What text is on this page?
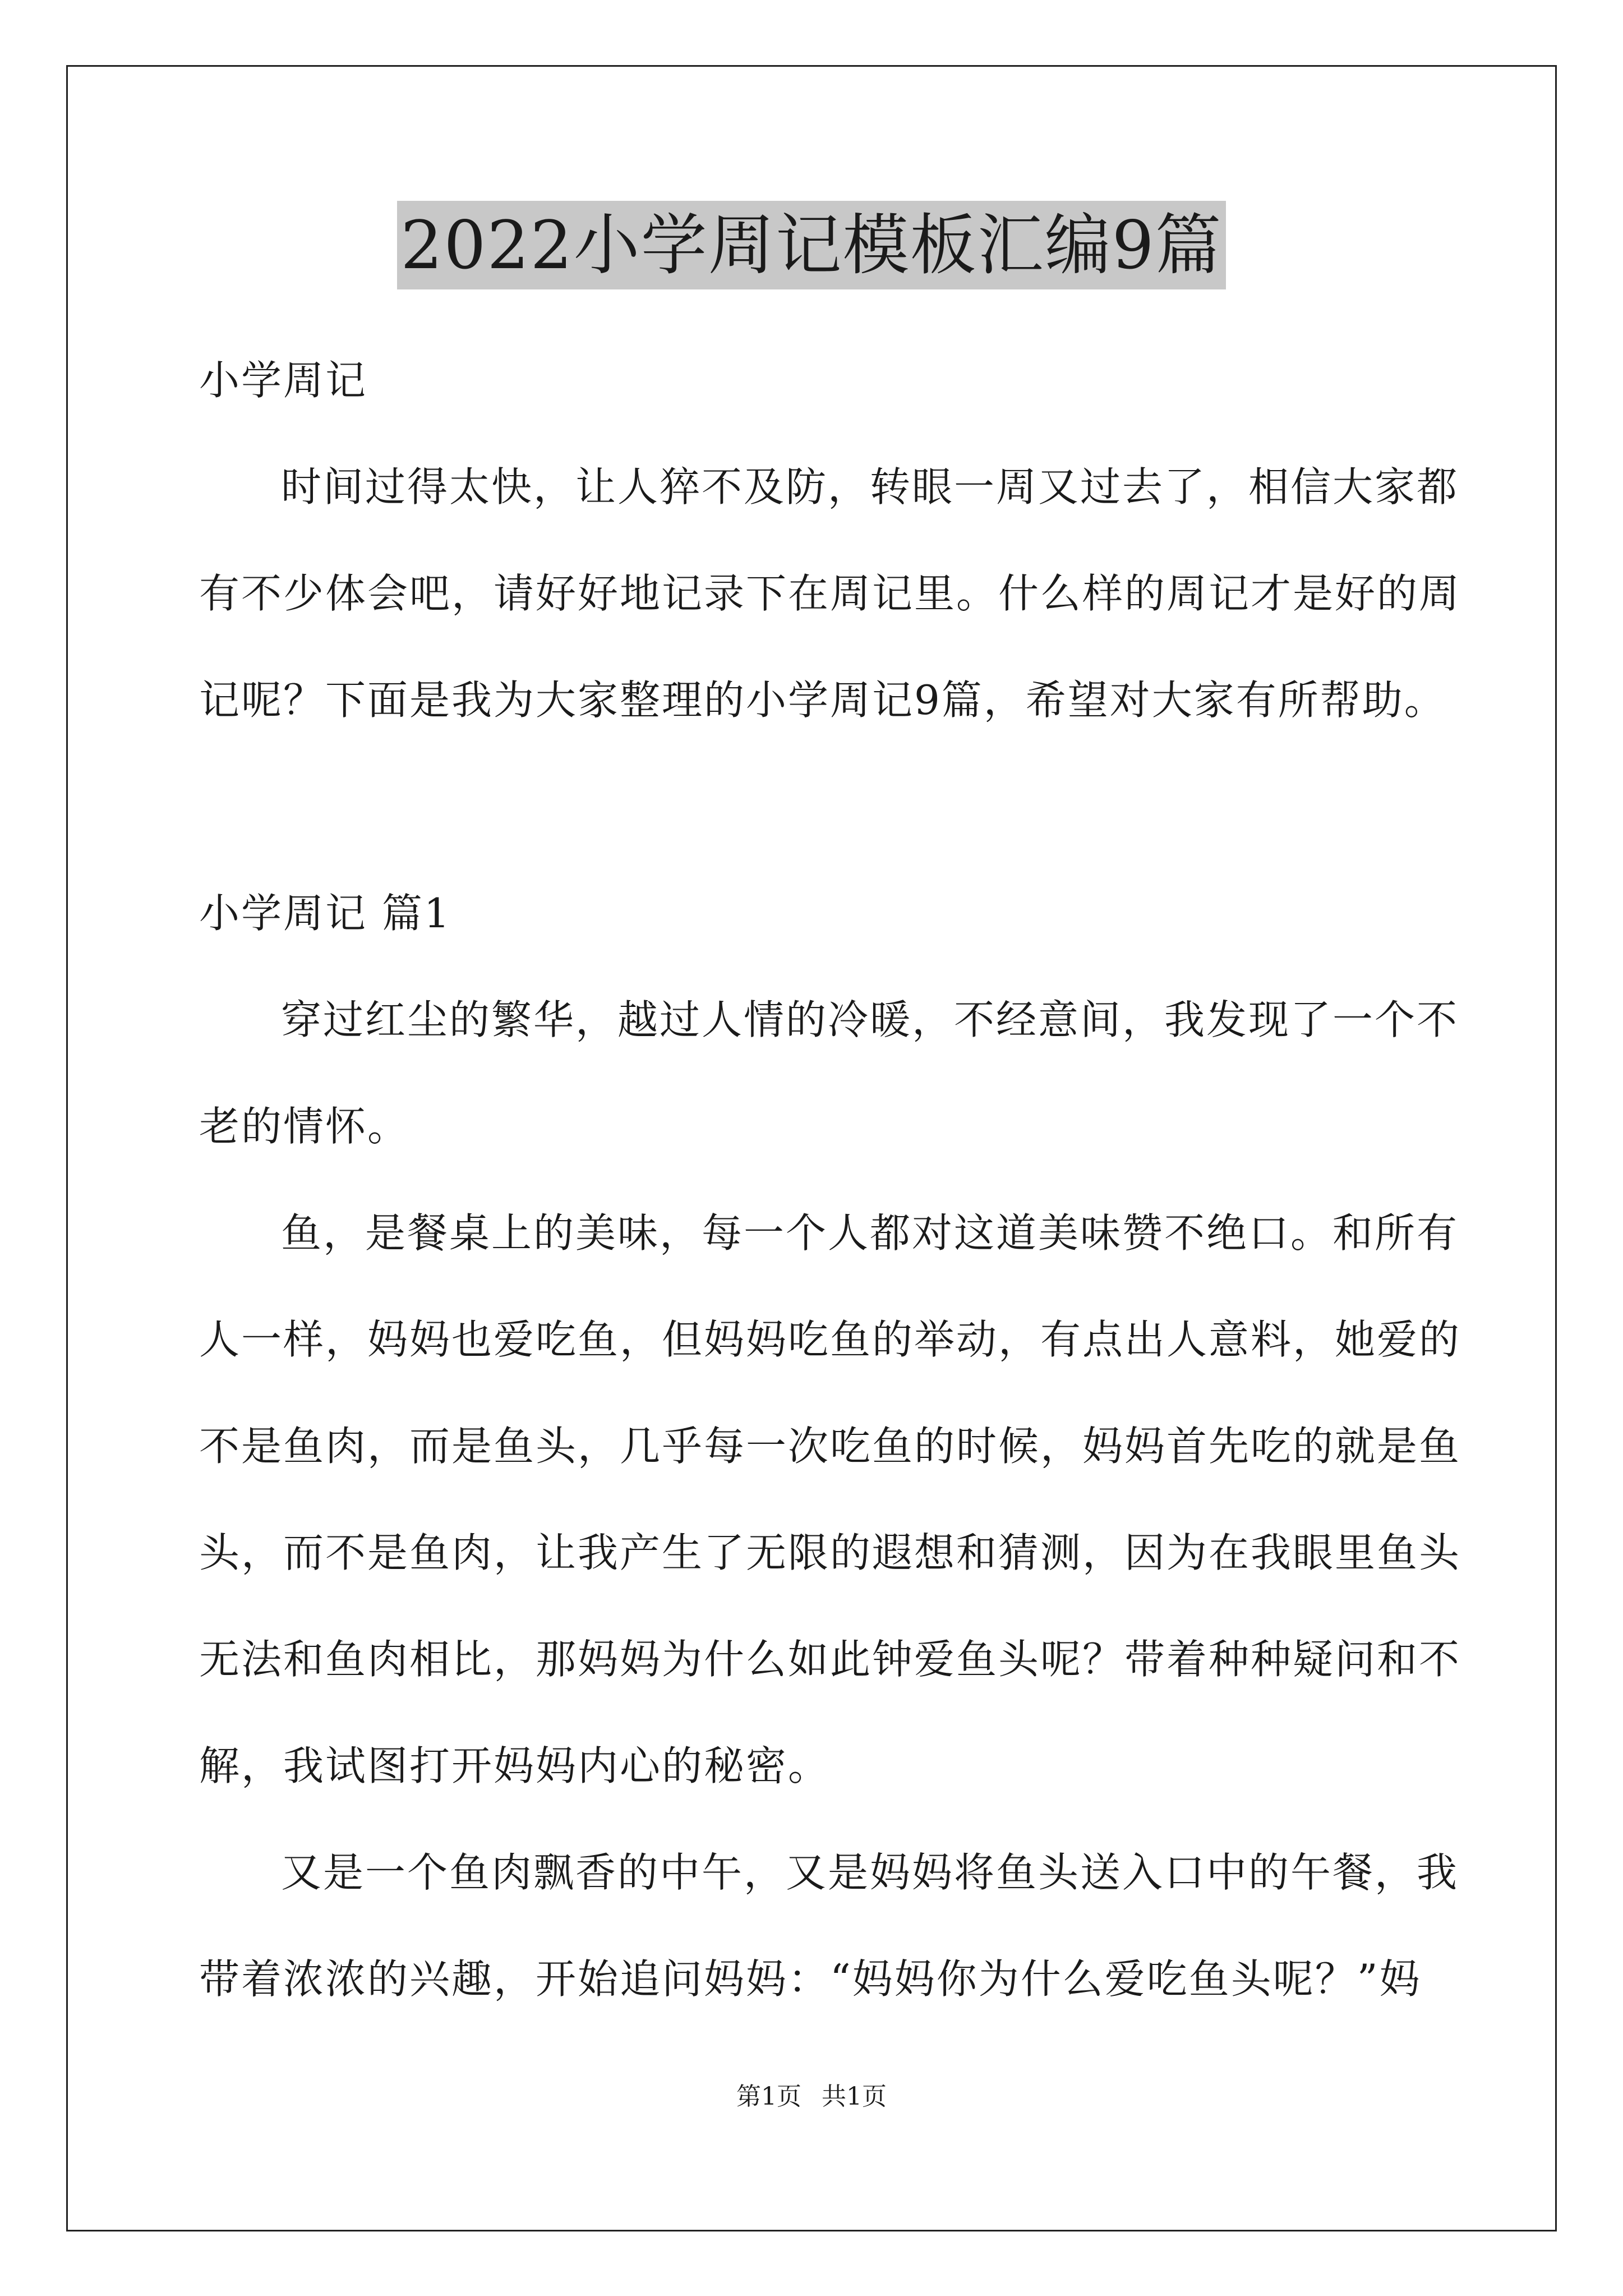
2022小学周记模板汇编9篇
小学周记
时间过得太快，让人猝不及防，转眼一周又过去了，相信大家都
有不少体会吧，请好好地记录下在周记里。什么样的周记才是好的周
记呢？下面是我为大家整理的小学周记9篇，希望对大家有所帮助。
小学周记 篇1
穿过红尘的繁华，越过人情的冷暖，不经意间，我发现了一个不
老的情怀。
鱼，是餐桌上的美味，每一个人都对这道美味赞不绝口。和所有
人一样，妈妈也爱吃鱼，但妈妈吃鱼的举动，有点出人意料，她爱的
不是鱼肉，而是鱼头，几乎每一次吃鱼的时候，妈妈首先吃的就是鱼
头，而不是鱼肉，让我产生了无限的遐想和猜测，因为在我眼里鱼头
无法和鱼肉相比，那妈妈为什么如此钟爱鱼头呢？带着种种疑问和不
解，我试图打开妈妈内心的秘密。
又是一个鱼肉飘香的中午，又是妈妈将鱼头送入口中的午餐，我
带着浓浓的兴趣，开始追问妈妈：“妈妈你为什么爱吃鱼头呢？”妈
第1页 共1页
